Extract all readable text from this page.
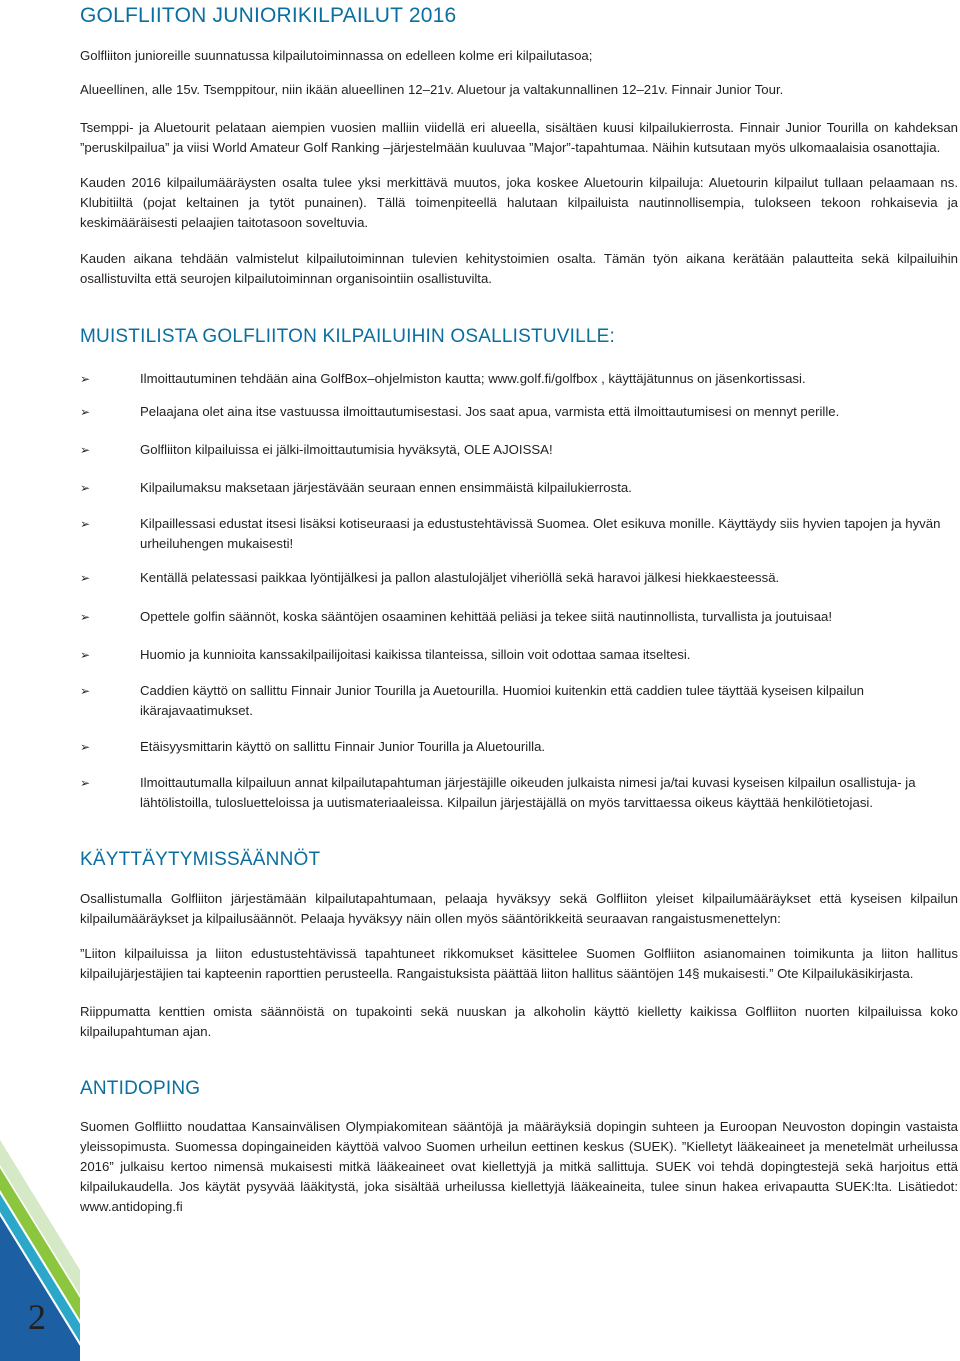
2
GOLFLIITON JUNIORIKILPAILUT 2016

Golfliiton junioreille suunnatussa kilpailutoiminnassa on edelleen kolme eri kilpailutasoa;

Alueellinen, alle 15v. Tsemppitour, niin ikään alueellinen 12–21v. Aluetour ja valtakunnallinen 12–21v. Finnair Junior Tour.

Tsemppi- ja Aluetourit pelataan aiempien vuosien malliin viidellä eri alueella, sisältäen kuusi kilpailukierrosta. Finnair Junior Tourilla on kahdeksan ”peruskilpailua” ja viisi World Amateur Golf Ranking –järjestelmään kuuluvaa ”Major”-tapahtumaa. Näihin kutsutaan myös ulkomaalaisia osanottajia.

Kauden 2016 kilpailumääräysten osalta tulee yksi merkittävä muutos, joka koskee Aluetourin kilpailuja: Aluetourin kilpailut tullaan pelaamaan ns. Klubitiiltä (pojat keltainen ja tytöt punainen). Tällä toimenpiteellä halutaan kilpailuista nautinnollisempia, tulokseen tekoon rohkaisevia ja keskimääräisesti pelaajien taitotasoon soveltuvia.

Kauden aikana tehdään valmistelut kilpailutoiminnan tulevien kehitystoimien osalta. Tämän työn aikana kerätään palautteita sekä kilpailuihin osallistuvilta että seurojen kilpailutoiminnan organisointiin osallistuvilta.

MUISTILISTA GOLFLIITON KILPAILUIHIN OSALLISTUVILLE:
➢	Ilmoittautuminen tehdään aina GolfBox–ohjelmiston kautta; www.golf.fi/golfbox , käyttäjätunnus on jäsenkortissasi.
➢	Pelaajana olet aina itse vastuussa ilmoittautumisestasi. Jos saat apua, varmista että ilmoittautumisesi on mennyt perille.
➢	Golfliiton kilpailuissa ei jälki-ilmoittautumisia hyväksytä, OLE AJOISSA!
➢	Kilpailumaksu maksetaan järjestävään seuraan ennen ensimmäistä kilpailukierrosta.
➢	Kilpaillessasi edustat itsesi lisäksi kotiseuraasi ja edustustehtävissä Suomea. Olet esikuva monille. Käyttäydy siis hyvien tapojen ja hyvän urheiluhengen mukaisesti!
➢	Kentällä pelatessasi paikkaa lyöntijälkesi ja pallon alastulojäljet viheriöllä sekä haravoi jälkesi hiekkaesteessä.
➢	Opettele golfin säännöt, koska sääntöjen osaaminen kehittää peliäsi ja tekee siitä nautinnollista, turvallista ja joutuisaa!
➢	Huomio ja kunnioita kanssakilpailijoitasi kaikissa tilanteissa, silloin voit odottaa samaa itseltesi.
➢	Caddien käyttö on sallittu Finnair Junior Tourilla ja Auetourilla. Huomioi kuitenkin että caddien tulee täyttää kyseisen kilpailun ikärajavaatimukset.
➢	Etäisyysmittarin käyttö on sallittu Finnair Junior Tourilla ja Aluetourilla.
➢	Ilmoittautumalla kilpailuun annat kilpailutapahtuman järjestäjille oikeuden julkaista nimesi ja/tai kuvasi kyseisen kilpailun osallistuja- ja lähtölistoilla, tulosluetteloissa ja uutismateriaaleissa. Kilpailun järjestäjällä on myös tarvittaessa oikeus käyttää henkilötietojasi.
KÄYTTÄYTYMISSÄÄNNÖT

Osallistumalla Golfliiton järjestämään kilpailutapahtumaan, pelaaja hyväksyy sekä Golfliiton yleiset kilpailumääräykset että kyseisen kilpailun kilpailumääräykset ja kilpailusäännöt. Pelaaja hyväksyy näin ollen myös sääntörikkeitä seuraavan rangaistusmenettelyn:

”Liiton kilpailuissa ja liiton edustustehtävissä tapahtuneet rikkomukset käsittelee Suomen Golfliiton asianomainen toimikunta ja liiton hallitus kilpailujärjestäjien tai kapteenin raporttien perusteella. Rangaistuksista päättää liiton hallitus sääntöjen 14§ mukaisesti.” Ote Kilpailukäsikirjasta.

Riippumatta kenttien omista säännöistä on tupakointi sekä nuuskan ja alkoholin käyttö kielletty kaikissa Golfliiton nuorten kilpailuissa koko kilpailupahtuman ajan.

ANTIDOPING

Suomen Golfliitto noudattaa Kansainvälisen Olympiakomitean sääntöjä ja määräyksiä dopingin suhteen ja Euroopan Neuvoston dopingin vastaista yleissopimusta. Suomessa dopingaineiden käyttöä valvoo Suomen urheilun eettinen keskus (SUEK). ”Kielletyt lääkeaineet ja menetelmät urheilussa 2016” julkaisu kertoo nimensä mukaisesti mitkä lääkeaineet ovat kiellettyjä ja mitkä sallittuja. SUEK voi tehdä dopingtestejä sekä harjoitus että kilpailukaudella. Jos käytät pysyvää lääkitystä, joka sisältää urheilussa kiellettyjä lääkeaineita, tulee sinun hakea erivapautta SUEK:lta. Lisätiedot: www.antidoping.fi
